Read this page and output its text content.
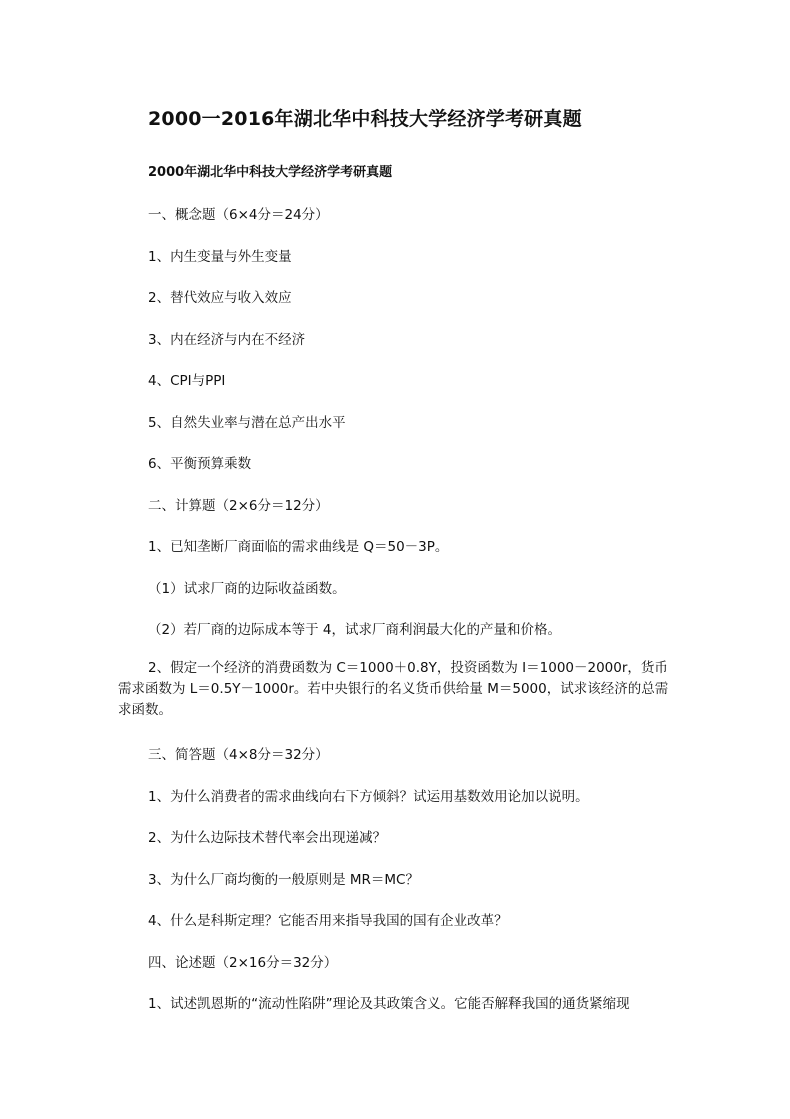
2000一2016年湖北华中科技大学经济学考研真题
2000年湖北华中科技大学经济学考研真题
一、概念题（6×4分＝24分）
1、内生变量与外生变量
2、替代效应与收入效应
3、内在经济与内在不经济
4、CPI与PPI
5、自然失业率与潜在总产出水平
6、平衡预算乘数
二、计算题（2×6分＝12分）
1、已知垄断厂商面临的需求曲线是 Q＝50－3P。
（1）试求厂商的边际收益函数。
（2）若厂商的边际成本等于 4，试求厂商利润最大化的产量和价格。
2、假定一个经济的消费函数为 C＝1000＋0.8Y，投资函数为 I＝1000－2000r，货币需求函数为 L＝0.5Y－1000r。若中央银行的名义货币供给量 M＝5000，试求该经济的总需求函数。
三、简答题（4×8分＝32分）
1、为什么消费者的需求曲线向右下方倾斜？试运用基数效用论加以说明。
2、为什么边际技术替代率会出现递减？
3、为什么厂商均衡的一般原则是 MR＝MC？
4、什么是科斯定理？它能否用来指导我国的国有企业改革？
四、论述题（2×16分＝32分）
1、试述凯恩斯的“流动性陷阱”理论及其政策含义。它能否解释我国的通货紧缩现
